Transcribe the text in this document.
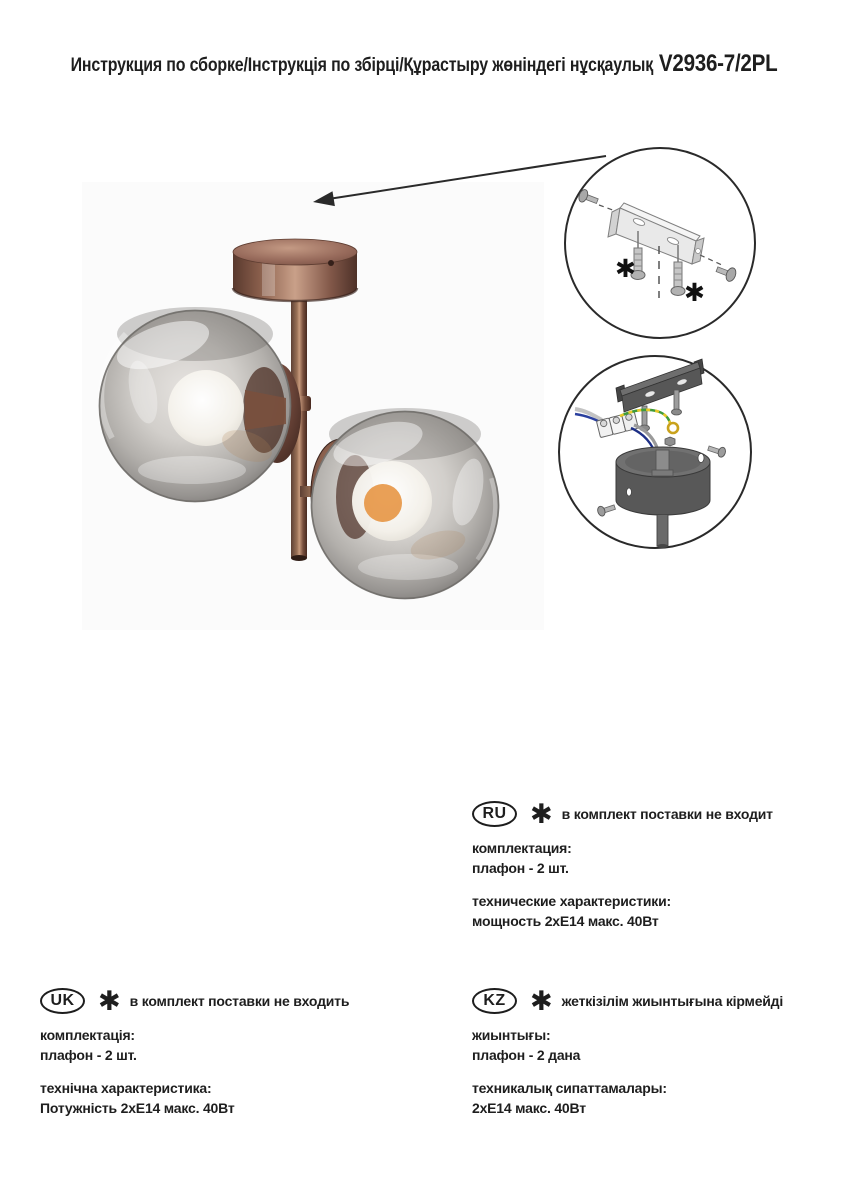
Инструкция по сборке/Інструкція по збірці/Құрастыру жөніндегі нұсқаулық V2936-7/2PL
✱
✱
RU ✱ в комплект поставки не входит

комплектация:

плафон - 2 шт.

технические характеристики:

мощность 2хЕ14 макс. 40Вт

UK ✱ в комплект поставки не входить

комплектація:

плафон - 2 шт.

технічна характеристика:

Потужність 2хЕ14 макс. 40Вт

KZ ✱ жеткізілім жиынтығына кірмейді

жиынтығы:

плафон - 2 дана

техникалық сипаттамалары:

2хЕ14 макс. 40Вт
